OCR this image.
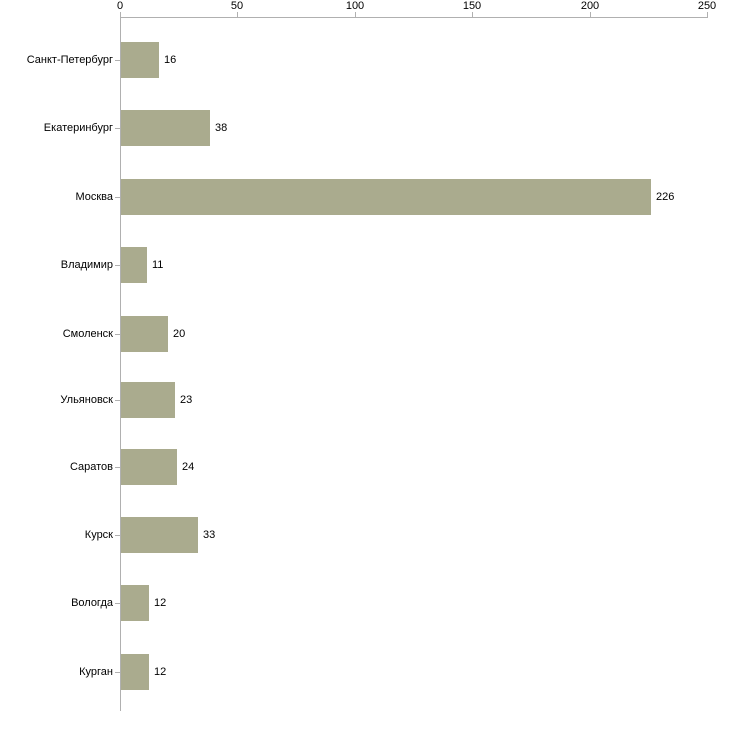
0	50	100	150	200	250
Санкт-Петербург	16
Екатеринбург	38
Москва	226
Владимир	11
Смоленск	20
Ульяновск	23
Саратов	24
Курск	33
Вологда	12
Курган	12
